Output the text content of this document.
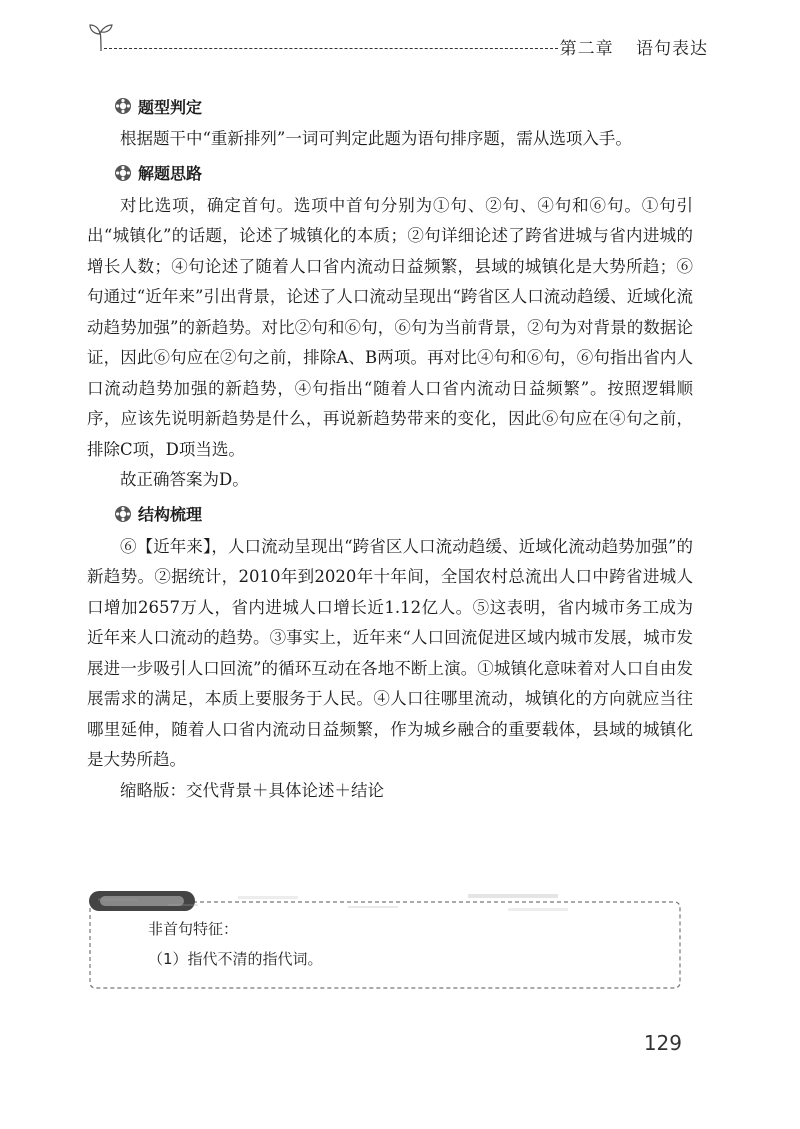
第二章 语句表达
题型判定

根据题干中“重新排列”一词可判定此题为语句排序题，需从选项入手。

解题思路

对比选项，确定首句。选项中首句分别为①句、②句、④句和⑥句。①句引出“城镇化”的话题，论述了城镇化的本质；②句详细论述了跨省进城与省内进城的增长人数；④句论述了随着人口省内流动日益频繁，县域的城镇化是大势所趋；⑥句通过“近年来”引出背景，论述了人口流动呈现出“跨省区人口流动趋缓、近域化流动趋势加强”的新趋势。对比②句和⑥句，⑥句为当前背景，②句为对背景的数据论证，因此⑥句应在②句之前，排除A、B两项。再对比④句和⑥句，⑥句指出省内人口流动趋势加强的新趋势，④句指出“随着人口省内流动日益频繁”。按照逻辑顺序，应该先说明新趋势是什么，再说新趋势带来的变化，因此⑥句应在④句之前，排除C项，D项当选。

故正确答案为D。

结构梳理

⑥【近年来】，人口流动呈现出“跨省区人口流动趋缓、近域化流动趋势加强”的新趋势。②据统计，2010年到2020年十年间，全国农村总流出人口中跨省进城人口增加2657万人，省内进城人口增长近1.12亿人。⑤这表明，省内城市务工成为近年来人口流动的趋势。③事实上，近年来“人口回流促进区域内城市发展，城市发展进一步吸引人口回流”的循环互动在各地不断上演。①城镇化意味着对人口自由发展需求的满足，本质上要服务于人民。④人口往哪里流动，城镇化的方向就应当往哪里延伸，随着人口省内流动日益频繁，作为城乡融合的重要载体，县域的城镇化是大势所趋。

缩略版：交代背景＋具体论述＋结论

非首句特征：
（1）指代不清的指代词。
129
